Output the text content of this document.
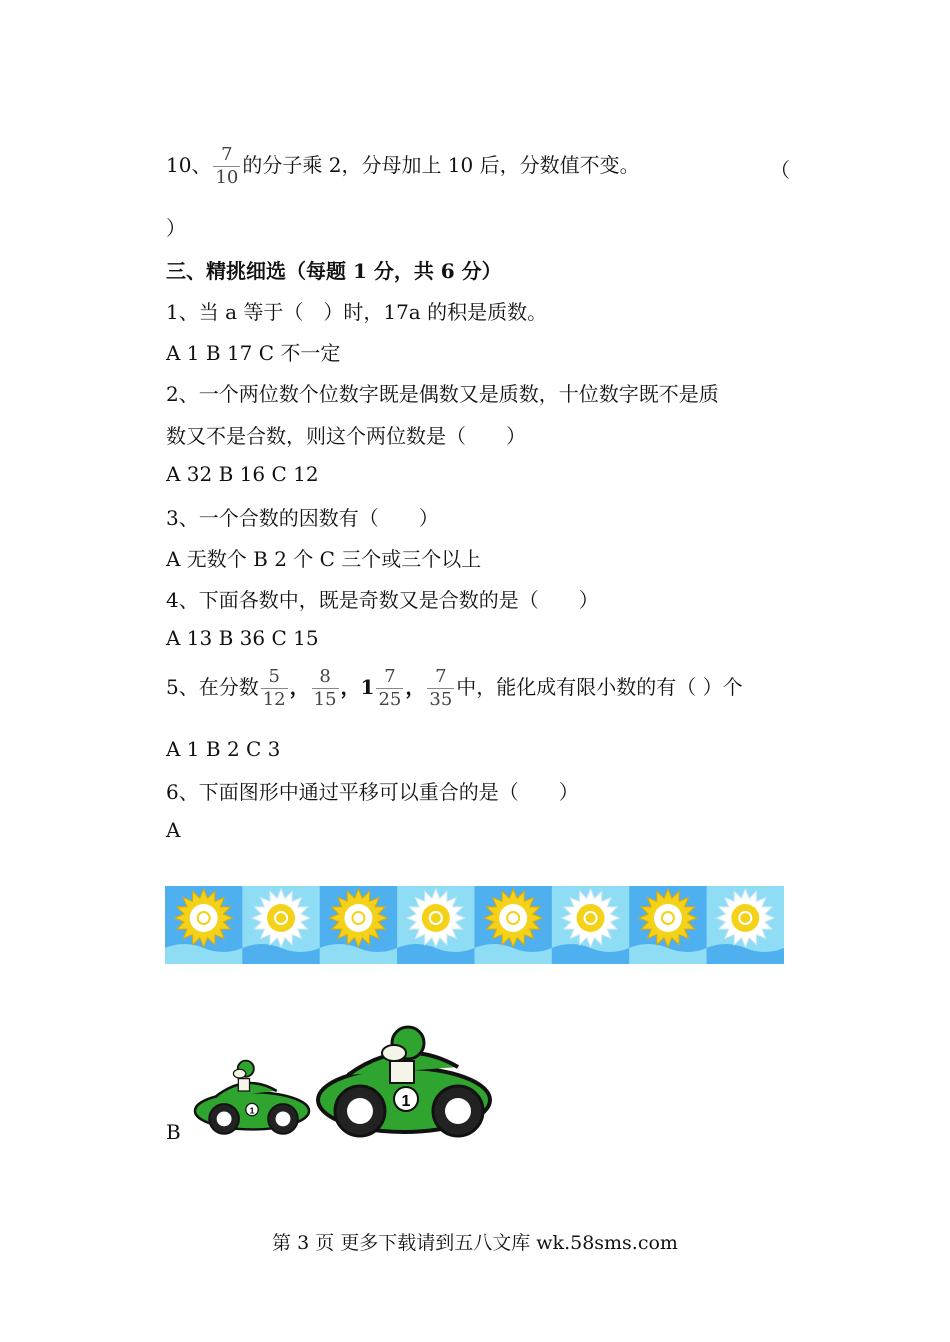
10、 $\frac{7}{10}$ 的分子乘 2，分母加上 10 后，分数值不变。	（
）
三、精挑细选（每题 1 分，共 6 分）
1、当 a 等于（　）时，17a 的积是质数。
A 1 B 17 C 不一定
2、一个两位数个位数字既是偶数又是质数，十位数字既不是质
数又不是合数，则这个两位数是（　　）
A 32 B 16 C 12
3、一个合数的因数有（　　）
A 无数个 B 2 个 C 三个或三个以上
4、下面各数中，既是奇数又是合数的是（　　）
A 13 B 36 C 15
5、在分数 $\frac{5}{12}$ ， $\frac{8}{15}$ ，$1 \frac{7}{25}$ ， $\frac{7}{35}$ 中，能化成有限小数的有（ ）个
A 1 B 2 C 3
6、下面图形中通过平移可以重合的是（　　）
A
B
1
1
第 3 页 更多下载请到五八文库 wk.58sms.com
